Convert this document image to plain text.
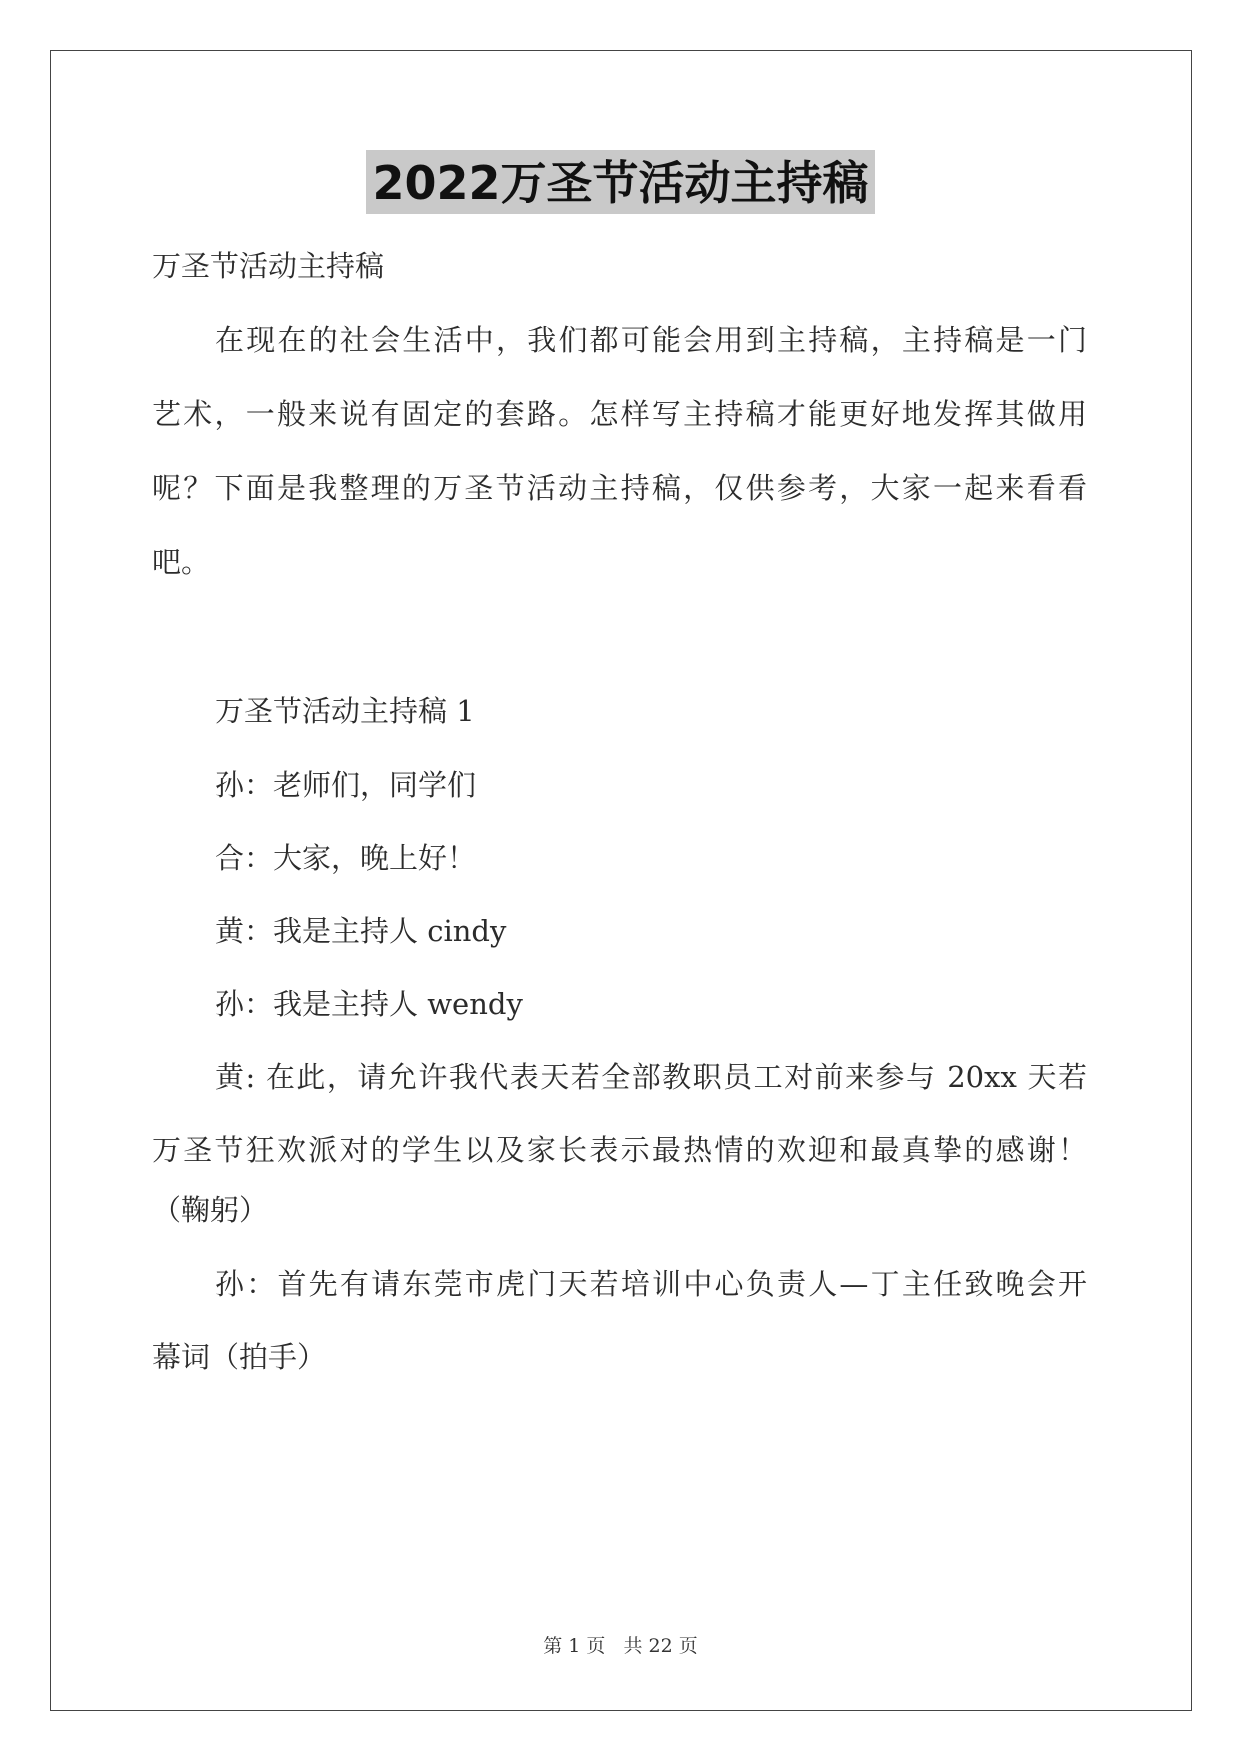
2022万圣节活动主持稿
万圣节活动主持稿
在现在的社会生活中，我们都可能会用到主持稿，主持稿是一门
艺术，一般来说有固定的套路。怎样写主持稿才能更好地发挥其做用
呢？下面是我整理的万圣节活动主持稿，仅供参考，大家一起来看看
吧。
万圣节活动主持稿 1
孙：老师们，同学们
合：大家，晚上好！
黄：我是主持人 cindy
孙：我是主持人 wendy
黄: 在此，请允许我代表天若全部教职员工对前来参与 20xx 天若
万圣节狂欢派对的学生以及家长表示最热情的欢迎和最真挚的感谢！
（鞠躬）
孙：首先有请东莞市虎门天若培训中心负责人—丁主任致晚会开
幕词（拍手）
第 1 页 共 22 页
